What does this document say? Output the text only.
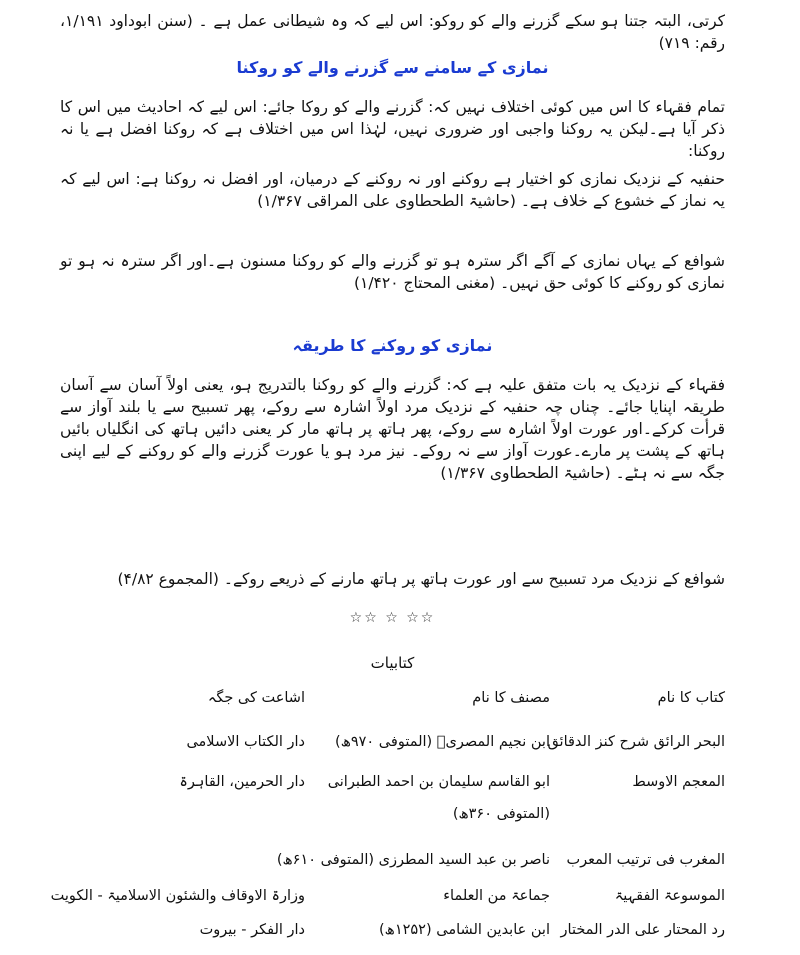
کرتی، البتہ جتنا ہو سکے گزرنے والے کو روکو: اس لیے کہ وہ شیطانی عمل ہے ۔ (سنن ابوداود ۱/۱۹۱، رقم: ۷۱۹)

نمازی کے سامنے سے گزرنے والے کو روکنا

تمام فقہاء کا اس میں کوئی اختلاف نہیں کہ: گزرنے والے کو روکا جائے: اس لیے کہ احادیث میں اس کا ذکر آیا ہے۔لیکن یہ روکنا واجبی اور ضروری نہیں، لہٰذا اس میں اختلاف ہے کہ روکنا افضل ہے یا نہ روکنا:

حنفیہ کے نزدیک نمازی کو اختیار ہے روکنے اور نہ روکنے کے درمیان، اور افضل نہ روکنا ہے: اس لیے کہ یہ نماز کے خشوع کے خلاف ہے۔ (حاشیۃ الطحطاوی علی المراقی ۱/۳۶۷)

شوافع کے یہاں نمازی کے آگے اگر سترہ ہو تو گزرنے والے کو روکنا مسنون ہے۔اور اگر سترہ نہ ہو تو نمازی کو روکنے کا کوئی حق نہیں۔ (مغنی المحتاج ۱/۴۲۰)

نمازی کو روکنے کا طریقہ

فقہاء کے نزدیک یہ بات متفق علیہ ہے کہ: گزرنے والے کو روکنا بالتدریج ہو، یعنی اولاً آسان سے آسان طریقہ اپنایا جائے۔ چناں چہ حنفیہ کے نزدیک مرد اولاً اشارہ سے روکے، پھر تسبیح سے یا بلند آواز سے قرأت کرکے۔اور عورت اولاً اشارہ سے روکے، پھر ہاتھ پر ہاتھ مار کر یعنی دائیں ہاتھ کی انگلیاں بائیں ہاتھ کے پشت پر مارے۔عورت آواز سے نہ روکے۔ نیز مرد ہو یا عورت گزرنے والے کو روکنے کے لیے اپنی جگہ سے نہ ہٹے۔ (حاشیۃ الطحطاوی ۱/۳۶۷)

شوافع کے نزدیک مرد تسبیح سے اور عورت ہاتھ پر ہاتھ مارنے کے ذریعے روکے۔ (المجموع ۴/۸۲)

☆☆ ☆ ☆☆
کتابیات
کتاب کا نام
مصنف کا نام
اشاعت کی جگہ
البحر الرائق شرح کنز الدقائق
ابن نجیم المصریؒ (المتوفی ۹۷۰ھ)
دار الکتاب الاسلامی
المعجم الاوسط
ابو القاسم سلیمان بن احمد الطبرانی
دار الحرمین، القاہرۃ
(المتوفی ۳۶۰ھ)
المغرب فی ترتیب المعرب
ناصر بن عبد السید المطرزی (المتوفی ۶۱۰ھ)
الموسوعۃ الفقہیۃ
جماعۃ من العلماء
وزارۃ الاوقاف والشئون الاسلامیۃ - الکویت
رد المحتار علی الدر المختار
ابن عابدین الشامی (۱۲۵۲ھ)
دار الفکر - بیروت
